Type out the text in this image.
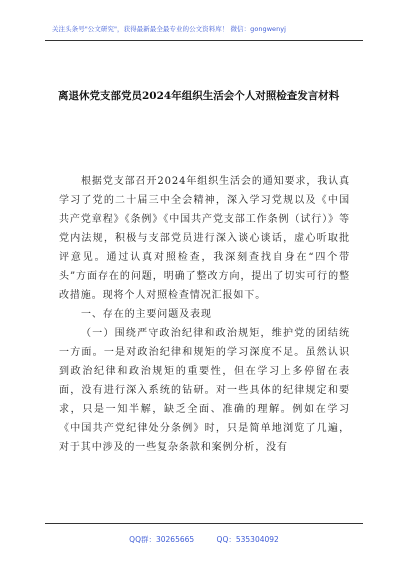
关注头条号"公文研究"，获得最新最全最专业的公文资料库！ 微信：gongwenyj
离退休党支部党员2024年组织生活会个人对照检查发言材料

根据党支部召开2024年组织生活会的通知要求，我认真学习了党的二十届三中全会精神，深入学习党规以及《中国共产党章程》《条例》《中国共产党支部工作条例（试行）》等党内法规，积极与支部党员进行深入谈心谈话，虚心听取批评意见。通过认真对照检查，我深刻查找自身在“四个带头”方面存在的问题，明确了整改方向，提出了切实可行的整改措施。现将个人对照检查情况汇报如下。

一、存在的主要问题及表现

（一）围绕严守政治纪律和政治规矩，维护党的团结统一方面。一是对政治纪律和规矩的学习深度不足。虽然认识到政治纪律和政治规矩的重要性，但在学习上多停留在表面，没有进行深入系统的钻研。对一些具体的纪律规定和要求，只是一知半解，缺乏全面、准确的理解。例如在学习《中国共产党纪律处分条例》时，只是简单地浏览了几遍，对于其中涉及的一些复杂条款和案例分析，没有

QQ群：30265665	QQ：535304092
